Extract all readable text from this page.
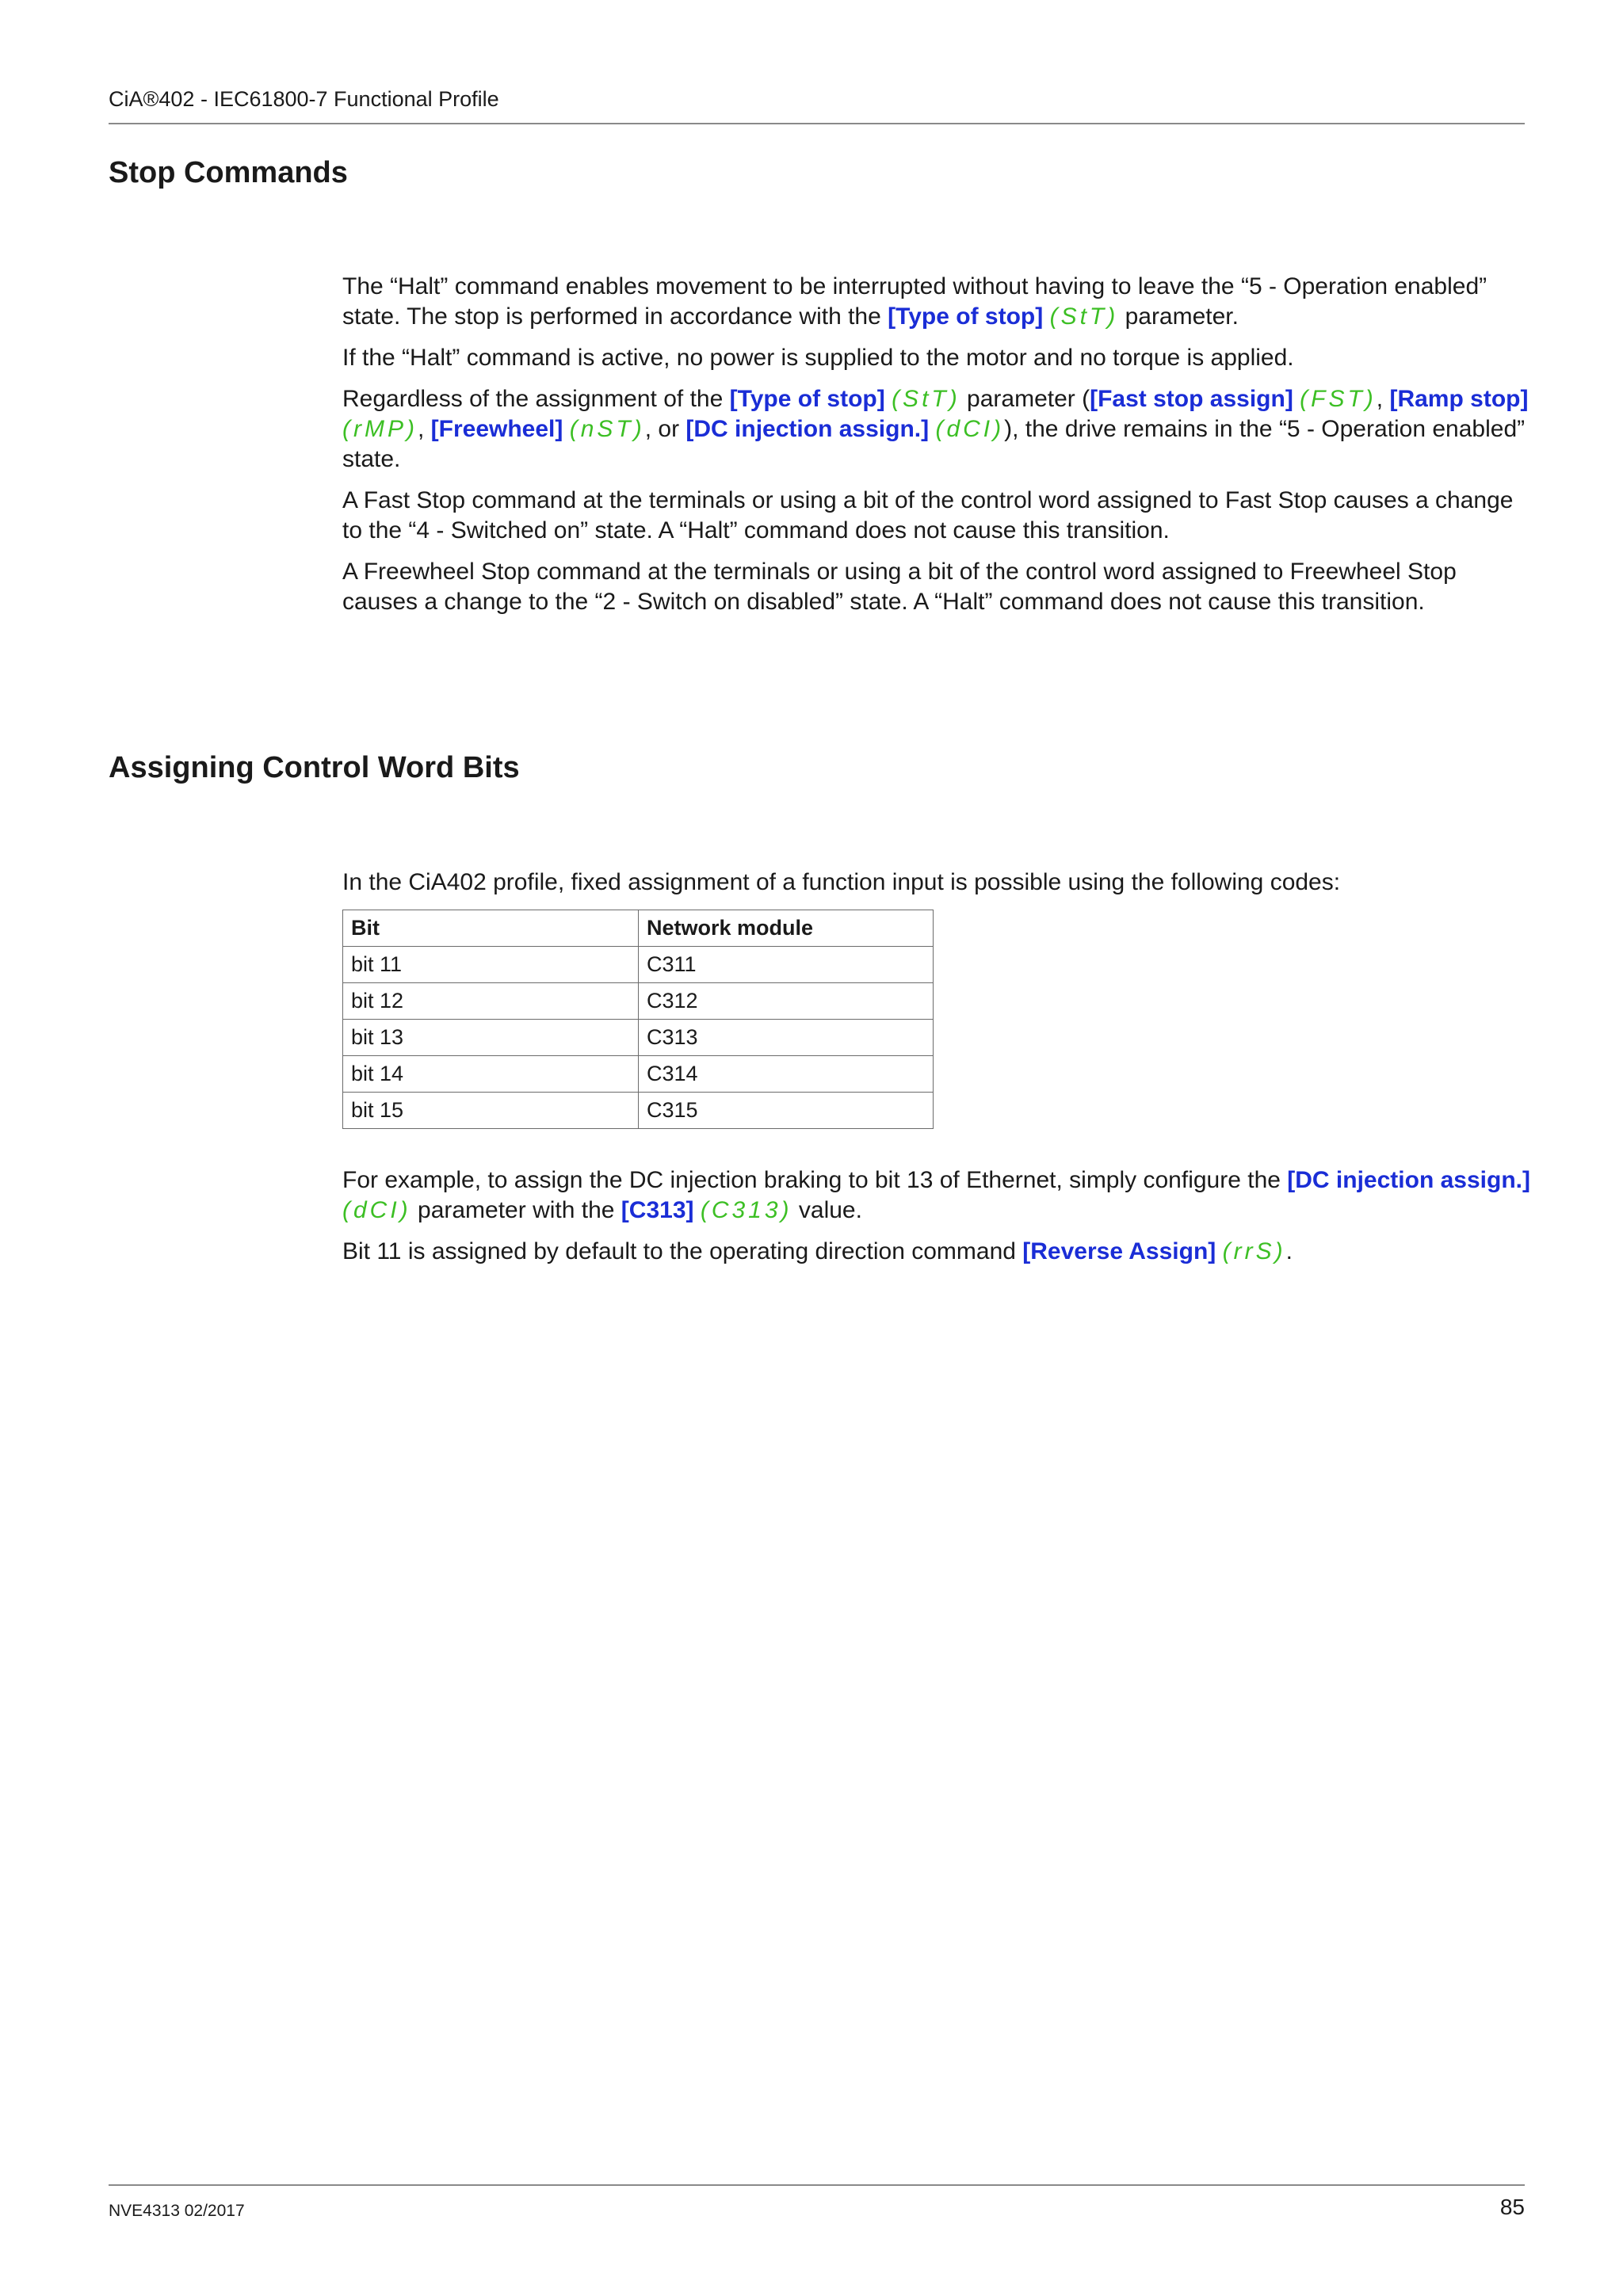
CiA®402 - IEC61800-7 Functional Profile
Stop Commands

The “Halt” command enables movement to be interrupted without having to leave the “5 - Operation enabled” state. The stop is performed in accordance with the [Type of stop] (StT) parameter.

If the “Halt” command is active, no power is supplied to the motor and no torque is applied.

Regardless of the assignment of the [Type of stop] (StT) parameter ([Fast stop assign] (FST), [Ramp stop] (rMP), [Freewheel] (nST), or [DC injection assign.] (dCI)), the drive remains in the “5 - Operation enabled” state.

A Fast Stop command at the terminals or using a bit of the control word assigned to Fast Stop causes a change to the “4 - Switched on” state. A “Halt” command does not cause this transition.

A Freewheel Stop command at the terminals or using a bit of the control word assigned to Freewheel Stop causes a change to the “2 - Switch on disabled” state. A “Halt” command does not cause this transition.

Assigning Control Word Bits

In the CiA402 profile, fixed assignment of a function input is possible using the following codes:

Bit	Network module
bit 11	C311
bit 12	C312
bit 13	C313
bit 14	C314
bit 15	C315

For example, to assign the DC injection braking to bit 13 of Ethernet, simply configure the [DC injection assign.] (dCI) parameter with the [C313] (C313) value.

Bit 11 is assigned by default to the operating direction command [Reverse Assign] (rrS).

NVE4313 02/2017	85
